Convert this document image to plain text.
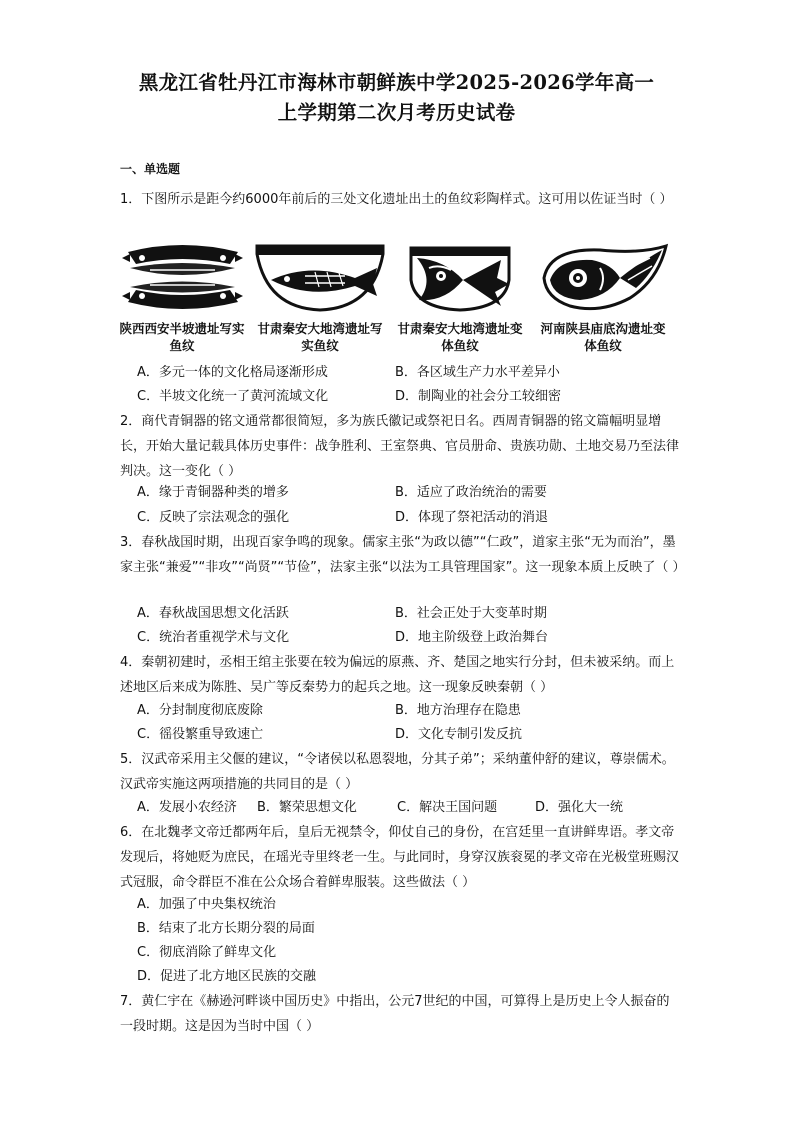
黑龙江省牡丹江市海林市朝鲜族中学2025-2026学年高一
上学期第二次月考历史试卷
一、单选题
1．下图所示是距今约6000年前后的三处文化遗址出土的鱼纹彩陶样式。这可用以佐证当时（ ）
陕西西安半坡遗址写实鱼纹
甘肃秦安大地湾遗址写实鱼纹
甘肃秦安大地湾遗址变体鱼纹
河南陕县庙底沟遗址变体鱼纹
A．多元一体的文化格局逐渐形成	B．各区域生产力水平差异小
C．半坡文化统一了黄河流域文化	D．制陶业的社会分工较细密
2．商代青铜器的铭文通常都很简短，多为族氏徽记或祭祀日名。西周青铜器的铭文篇幅明显增长，开始大量记载具体历史事件：战争胜利、王室祭典、官员册命、贵族功勋、土地交易乃至法律判决。这一变化（ ）
A．缘于青铜器种类的增多	B．适应了政治统治的需要
C．反映了宗法观念的强化	D．体现了祭祀活动的消退
3．春秋战国时期，出现百家争鸣的现象。儒家主张“为政以德”“仁政”，道家主张“无为而治”，墨家主张“兼爱”“非攻”“尚贤”“节俭”，法家主张“以法为工具管理国家”。这一现象本质上反映了（ ）
A．春秋战国思想文化活跃	B．社会正处于大变革时期
C．统治者重视学术与文化	D．地主阶级登上政治舞台
4．秦朝初建时，丞相王绾主张要在较为偏远的原燕、齐、楚国之地实行分封，但未被采纳。而上述地区后来成为陈胜、吴广等反秦势力的起兵之地。这一现象反映秦朝（ ）
A．分封制度彻底废除	B．地方治理存在隐患
C．徭役繁重导致速亡	D．文化专制引发反抗
5．汉武帝采用主父偃的建议，“令诸侯以私恩裂地，分其子弟”；采纳董仲舒的建议，尊崇儒术。汉武帝实施这两项措施的共同目的是（ ）
A．发展小农经济 B．繁荣思想文化	C．解决王国问题	D．强化大一统
6．在北魏孝文帝迁都两年后，皇后无视禁令，仰仗自己的身份，在宫廷里一直讲鲜卑语。孝文帝发现后，将她贬为庶民，在瑶光寺里终老一生。与此同时，身穿汉族衮冕的孝文帝在光极堂班赐汉式冠服，命令群臣不准在公众场合着鲜卑服装。这些做法（ ）
A．加强了中央集权统治
B．结束了北方长期分裂的局面
C．彻底消除了鲜卑文化
D．促进了北方地区民族的交融
7．黄仁宇在《赫逊河畔谈中国历史》中指出，公元7世纪的中国，可算得上是历史上令人振奋的一段时期。这是因为当时中国（ ）
